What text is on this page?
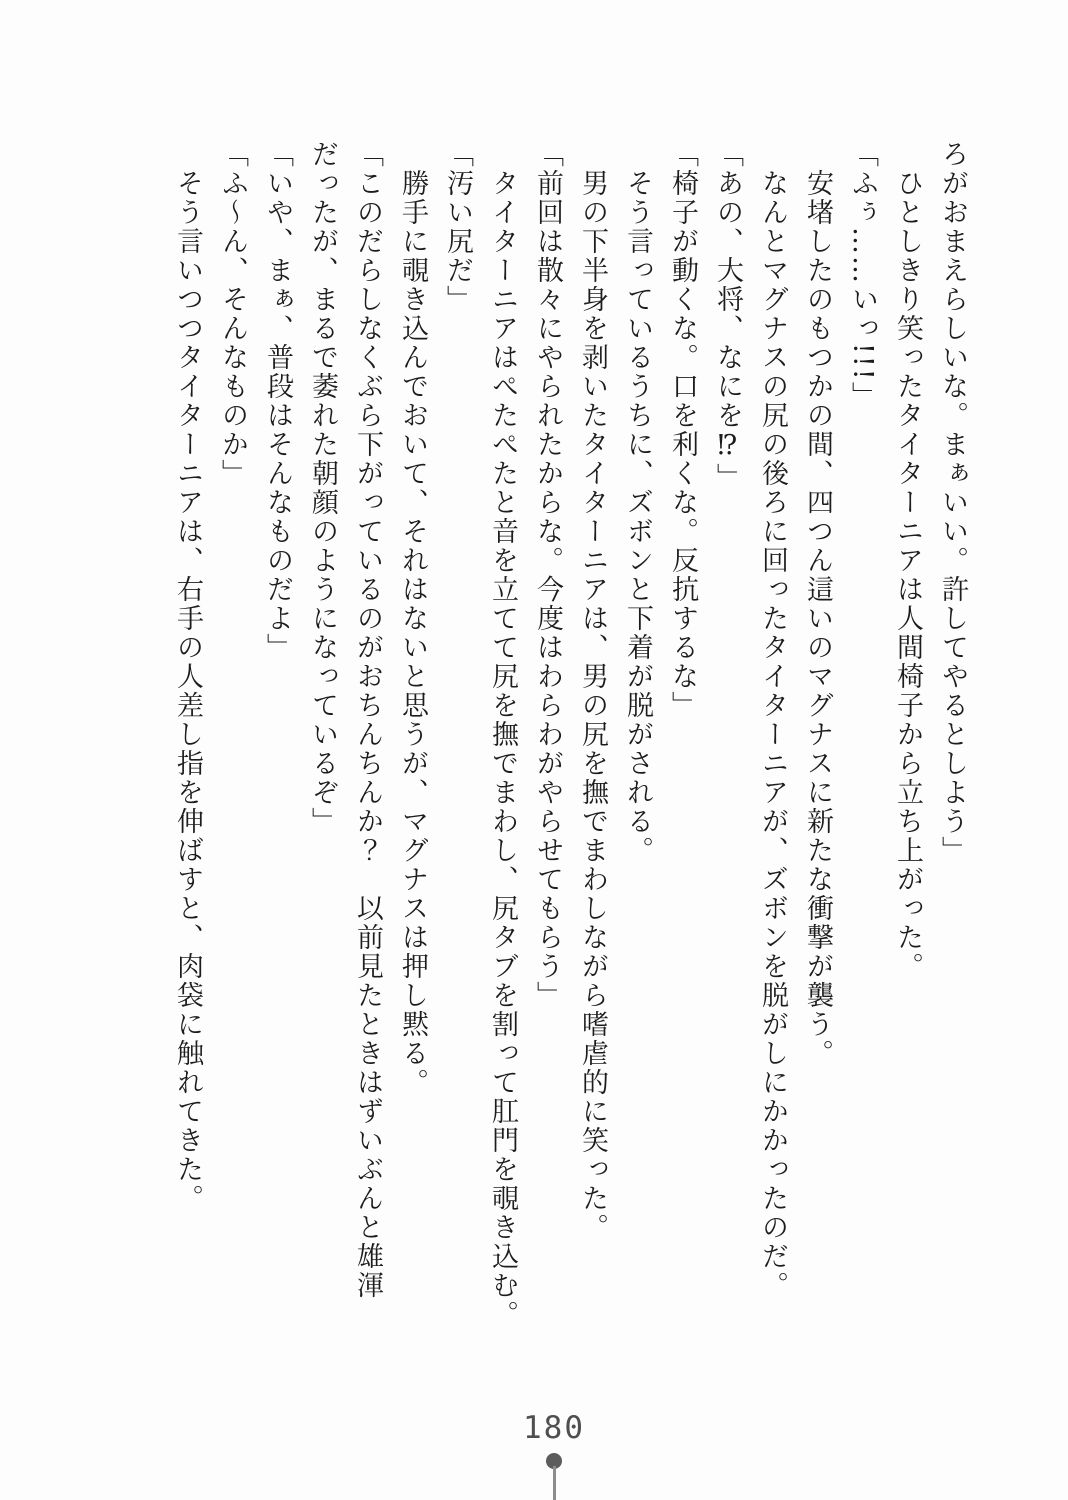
ろがおまえらしいな。まぁいい。許してやるとしよう」

　ひとしきり笑ったタイターニアは人間椅子から立ち上がった。

「ふぅ……いっ!!!」

　安堵したのもつかの間、四つん這いのマグナスに新たな衝撃が襲う。

　なんとマグナスの尻の後ろに回ったタイターニアが、ズボンを脱がしにかかったのだ。

「あの、大将、なにを⁉」

「椅子が動くな。口を利くな。反抗するな」

　そう言っているうちに、ズボンと下着が脱がされる。

　男の下半身を剥いたタイターニアは、男の尻を撫でまわしながら嗜虐的に笑った。

「前回は散々にやられたからな。今度はわらわがやらせてもらう」

　タイターニアはぺたぺたと音を立てて尻を撫でまわし、尻タブを割って肛門を覗き込む。

「汚い尻だ」

　勝手に覗き込んでおいて、それはないと思うが、マグナスは押し黙る。

「このだらしなくぶら下がっているのがおちんちんか？　以前見たときはずいぶんと雄渾だったが、まるで萎れた朝顔のようになっているぞ」

「いや、まぁ、普段はそんなものだよ」

「ふ〜ん、そんなものか」

　そう言いつつタイターニアは、右手の人差し指を伸ばすと、肉袋に触れてきた。

180
